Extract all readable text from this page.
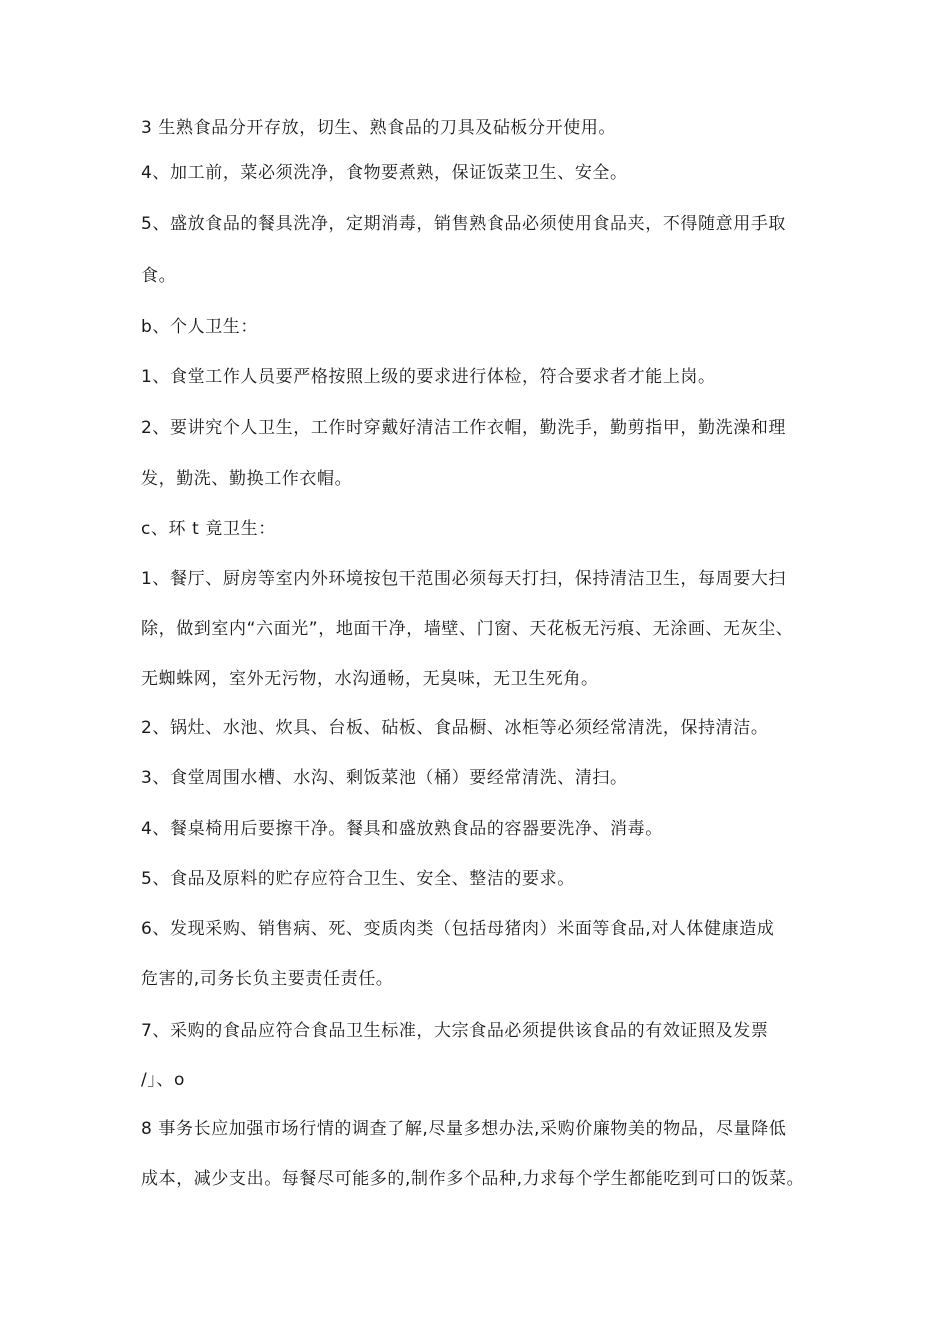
3 生熟食品分开存放，切生、熟食品的刀具及砧板分开使用。
4、加工前，菜必须洗净，食物要煮熟，保证饭菜卫生、安全。
5、盛放食品的餐具洗净，定期消毒，销售熟食品必须使用食品夹，不得随意用手取
食。
b、个人卫生：
1、食堂工作人员要严格按照上级的要求进行体检，符合要求者才能上岗。
2、要讲究个人卫生，工作时穿戴好清洁工作衣帽，勤洗手，勤剪指甲，勤洗澡和理
发，勤洗、勤换工作衣帽。
c、环 t 竟卫生：
1、餐厅、厨房等室内外环境按包干范围必须每天打扫，保持清洁卫生，每周要大扫
除，做到室内“六面光”，地面干净，墙壁、门窗、天花板无污痕、无涂画、无灰尘、
无蜘蛛网，室外无污物，水沟通畅，无臭味，无卫生死角。
2、锅灶、水池、炊具、台板、砧板、食品橱、冰柜等必须经常清洗，保持清洁。
3、食堂周围水槽、水沟、剩饭菜池（桶）要经常清洗、清扫。
4、餐桌椅用后要擦干净。餐具和盛放熟食品的容器要洗净、消毒。
5、食品及原料的贮存应符合卫生、安全、整洁的要求。
6、发现采购、销售病、死、变质肉类（包括母猪肉）米面等食品,对人体健康造成
危害的,司务长负主要责任责任。
7、采购的食品应符合食品卫生标准，大宗食品必须提供该食品的有效证照及发票
/」、o
8 事务长应加强市场行情的调查了解,尽量多想办法,采购价廉物美的物品，尽量降低
成本，减少支出。每餐尽可能多的,制作多个品种,力求每个学生都能吃到可口的饭菜。
